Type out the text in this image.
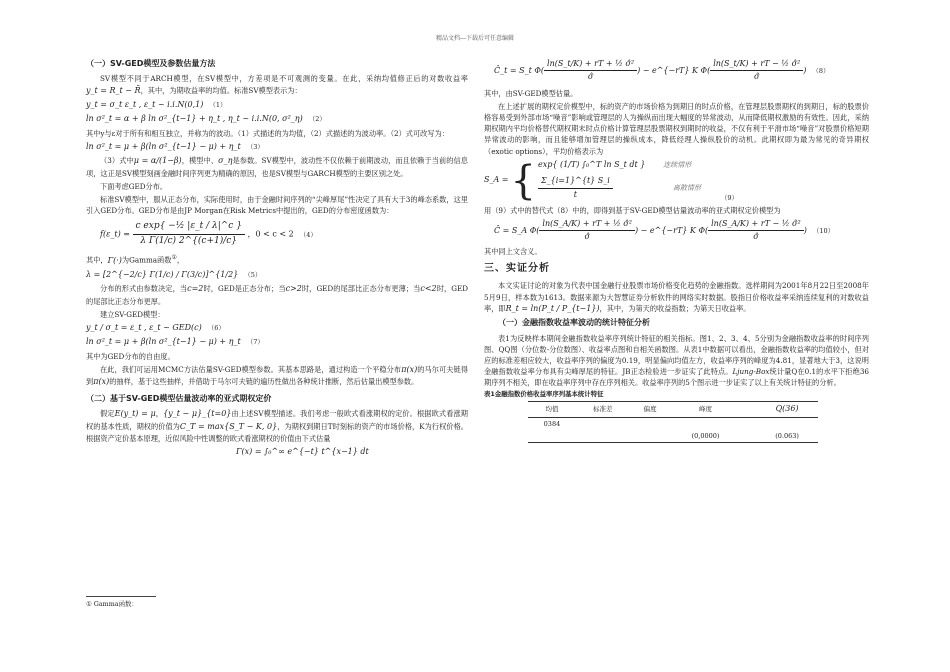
精品文档---下载后可任意编辑
（一）SV-GED模型及参数估量方法

SV模型不同于ARCH模型，在SV模型中，方差项是不可观测的变量。在此，采纳均值修正后的对数收益率y_t = R_t − R̄，其中，为期收益率的均值。标准SV模型表示为：

y_t = σ_t ε_t , ε_t ~ i.i.N(0,1) （1）
ln σ²_t = α + β ln σ²_{t−1} + η_t , η_t ~ i.i.N(0, σ²_η) （2）

其中y与ε对于所有和相互独立，并称为的波动。（1）式描述的为均值，（2）式描述的为波动率。（2）式可改写为：

ln σ²_t = μ + β(ln σ²_{t−1} − μ) + η_t （3）

（3）式中μ = α/(1−β)，模型中、σ_η是参数。SV模型中，波动性不仅依赖于前期波动，而且依赖于当前的信息项，这正是SV模型刻画金融时间序列更为精确的原因，也是SV模型与GARCH模型的主要区别之处。

下面考虑GED分布。

标准SV模型中，服从正态分布，实际使用时，由于金融时间序列的“尖峰厚尾”性决定了具有大于3的峰态系数，这里引入GED分布。GED分布是由JP Morgan在Risk Metrics中提出的，GED的分布密度函数为：

f(ε_t) = $\frac{\text{c exp\{ −½ |ε\_t / λ|\textasciicircum{}c \}}}{\text{λ Γ(1/c) 2\textasciicircum{}\{(c+1)/c\}}}$ ，0 < c < 2 （4）

其中，Γ(·)为Gamma函数①，

λ = [2^{−2/c} Γ(1/c) / Γ(3/c)]^{1/2} （5）

分布的形式由参数决定，当c=2时，GED是正态分布；当c>2时，GED的尾部比正态分布更薄；当c<2时，GED的尾部比正态分布更厚。

建立SV-GED模型：

y_t / σ_t = ε_t , ε_t ~ GED(c) （6）
ln σ²_t = μ + β(ln σ²_{t−1} − μ) + η_t （7）

其中为GED分布的自由度。

在此，我们可运用MCMC方法估量SV-GED模型参数。其基本思路是，通过构造一个平稳分布π(x)的马尔可夫链得到π(x)的抽样，基于这些抽样，并借助于马尔可夫链的遍历性做出各种统计推断，然后估量出模型参数。

（二）基于SV-GED模型估量波动率的亚式期权定价

假定E(y_t) = μ，{y_t − μ}_{t=0}由上述SV模型描述。我们考虑一般欧式看涨期权的定价。根据欧式看涨期权的基本性质，期权的价值为C_T = max{S_T − K, 0}，为期权到期日T时刻标的资产的市场价格，K为行权价格。根据资产定价基本原理，近似风险中性调整的欧式看涨期权的价值由下式估量

Γ(x) = ∫₀^∞ e^{−t} t^{x−1} dt
① Gamma函数：
Ĉ_t = S_t $\Phi( \frac{\text{ln(S\_t/K) + rT + ½ σ̂²}}{\sigmâ}$ ) − e^{−rT} K $\Phi( \frac{\text{ln(S\_t/K) + rT − ½ σ̂²}}{\sigmâ}$ ) （8）

其中，由SV-GED模型估量。

在上述扩展的期权定价模型中，标的资产的市场价格为到期日的时点价格，在管理层股票期权的到期日，标的股票价格容易受到外部市场“噪音”影响或管理层的人为操纵而出现大幅度的异常波动，从而降低期权激励的有效性。因此，采纳期权期内平均价格替代期权期末时点价格计算管理层股票期权到期时的收益，不仅有利于平滑市场“噪音”对股票价格短期异常波动的影响，而且能够增加管理层的操纵成本，降低经理人操纵股价的动机。此期权即为最为常见的奇异期权（exotic options），平均价格表示为

S_A = { exp{ (1/T) ∫₀^T ln S_t dt }	连续情形
$\frac{\Sigma\_\{i=1\}\^{}\{t\} S\_i}{t}$	离散情形
（9）

用（9）式中的替代式（8）中的，即得到基于SV-GED模型估量波动率的亚式期权定价模型为

Ĉ = S_A $\Phi( \frac{\text{ln(S\_A/K) + rT + ½ σ̂²}}{\sigmâ}$ ) − e^{−rT} K $\Phi( \frac{\text{ln(S\_A/K) + rT − ½ σ̂²}}{\sigmâ}$ ) （10）

其中同上文含义。

三、实证分析

本文实证讨论的对象为代表中国金融行业股票市场价格变化趋势的金融指数。选样期间为2001年8月22日至2008年5月9日，样本数为1613。数据来源为大智慧证券分析软件的网络实时数据。股指日价格收益率采纳连续复利的对数收益率，即R_t = ln(P_t / P_{t−1})，其中，为第天的收益指数；为第天日收益率。

（一）金融指数收益率波动的统计特征分析

表1为反映样本期间金融指数收益率序列统计特征的相关指标。图1、2、3、4、5分别为金融指数收益率的时间序列图、QQ图（分位数-分位数图）、收益率点图和自相关函数图。从表1中数据可以看出，金融指数收益率的均值较小，但对应的标准差相应较大，收益率序列的偏度为0.19，明显偏向均值左方，收益率序列的峰度为4.81，显著地大于3，这说明金融指数收益率分布具有尖峰厚尾的特征。JB正态检验进一步证实了此特点。Ljung-Box统计量Q在0.1的水平下拒绝36期序列不相关，即在收益率序列中存在序列相关。收益率序列的5个图示进一步证实了以上有关统计特征的分析。

表1金融指数价格收益率序列基本统计特征
均值	标准差	偏度	峰度		Q(36)
0384					
			(0,0000)		(0.063)
